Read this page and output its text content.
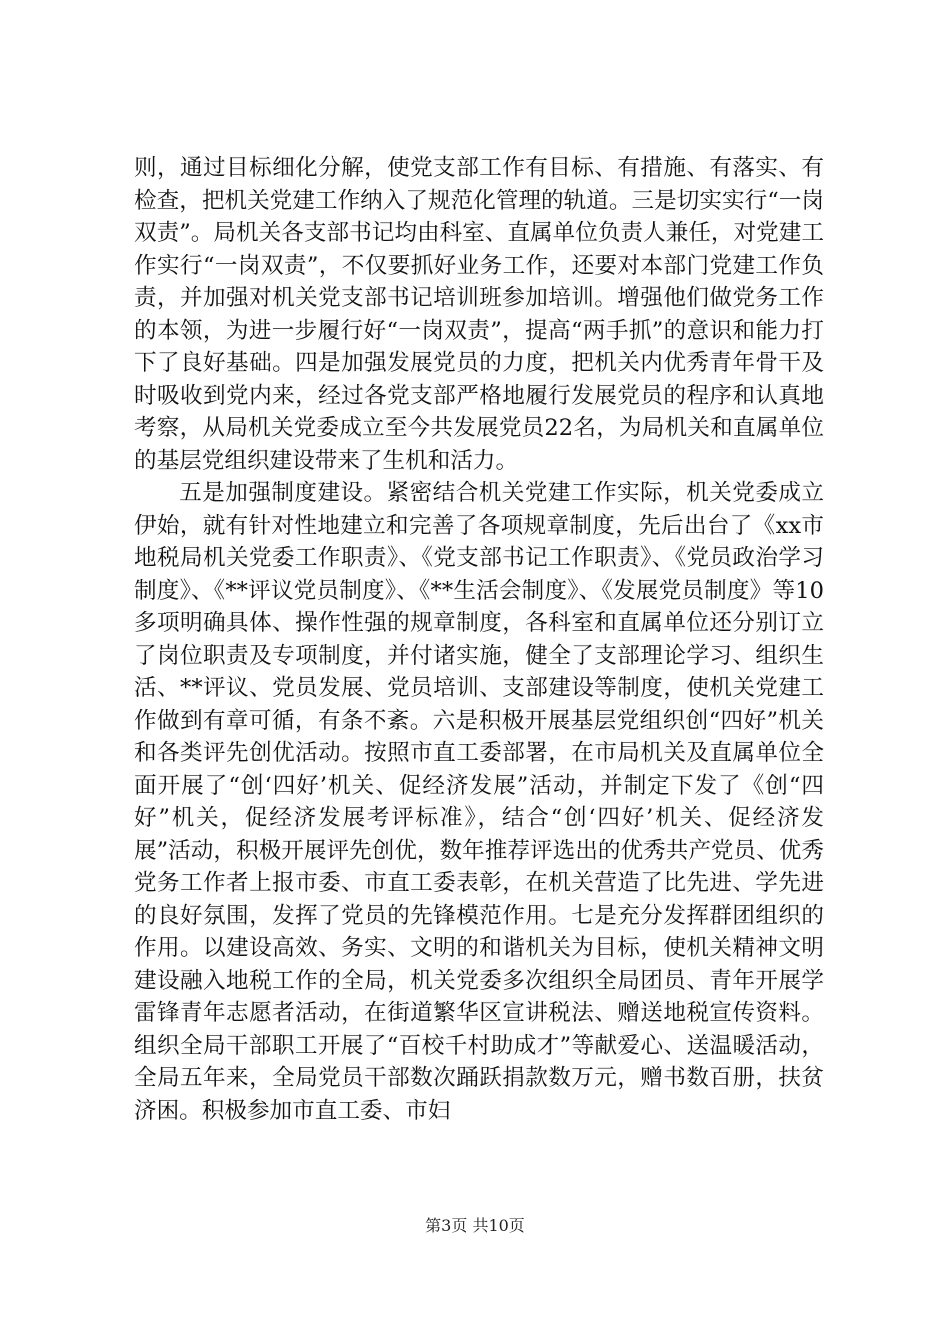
则，通过目标细化分解，使党支部工作有目标、有措施、有落实、有检查，把机关党建工作纳入了规范化管理的轨道。三是切实实行“一岗双责”。局机关各支部书记均由科室、直属单位负责人兼任，对党建工作实行“一岗双责”，不仅要抓好业务工作，还要对本部门党建工作负责，并加强对机关党支部书记培训班参加培训。增强他们做党务工作的本领，为进一步履行好“一岗双责”，提高“两手抓”的意识和能力打下了良好基础。四是加强发展党员的力度，把机关内优秀青年骨干及时吸收到党内来，经过各党支部严格地履行发展党员的程序和认真地考察，从局机关党委成立至今共发展党员22名，为局机关和直属单位的基层党组织建设带来了生机和活力。

五是加强制度建设。紧密结合机关党建工作实际，机关党委成立伊始，就有针对性地建立和完善了各项规章制度，先后出台了《xx市地税局机关党委工作职责》、《党支部书记工作职责》、《党员政治学习制度》、《**评议党员制度》、《**生活会制度》、《发展党员制度》等10多项明确具体、操作性强的规章制度，各科室和直属单位还分别订立了岗位职责及专项制度，并付诸实施，健全了支部理论学习、组织生活、**评议、党员发展、党员培训、支部建设等制度，使机关党建工作做到有章可循，有条不紊。六是积极开展基层党组织创“四好”机关和各类评先创优活动。按照市直工委部署，在市局机关及直属单位全面开展了“创‘四好’机关、促经济发展”活动，并制定下发了《创“四好”机关，促经济发展考评标准》，结合“创‘四好’机关、促经济发展”活动，积极开展评先创优，数年推荐评选出的优秀共产党员、优秀党务工作者上报市委、市直工委表彰，在机关营造了比先进、学先进的良好氛围，发挥了党员的先锋模范作用。七是充分发挥群团组织的作用。以建设高效、务实、文明的和谐机关为目标，使机关精神文明建设融入地税工作的全局，机关党委多次组织全局团员、青年开展学雷锋青年志愿者活动，在街道繁华区宣讲税法、赠送地税宣传资料。组织全局干部职工开展了“百校千村助成才”等献爱心、送温暖活动，全局五年来，全局党员干部数次踊跃捐款数万元，赠书数百册，扶贫济困。积极参加市直工委、市妇

第3页 共10页
